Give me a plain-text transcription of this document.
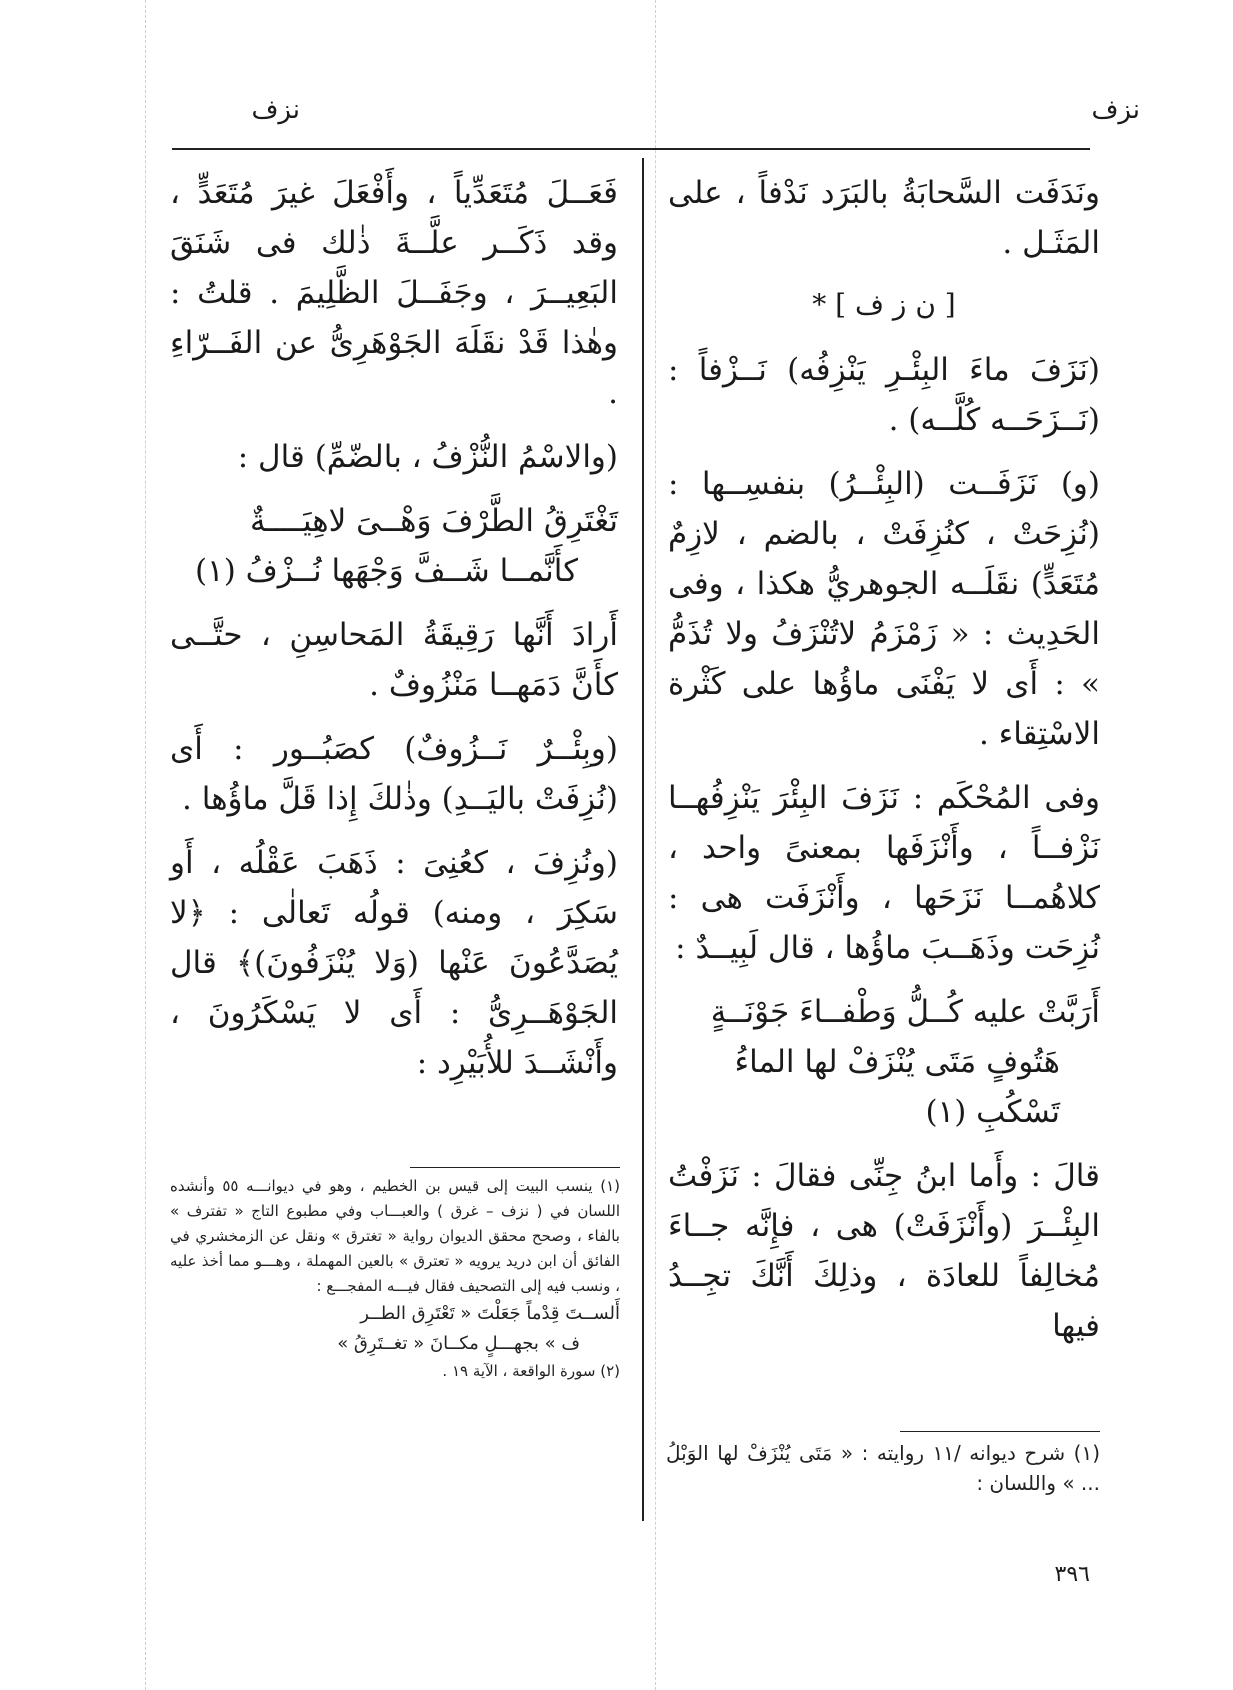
نزف
نزف

ونَدَفَت السَّحابَةُ بالبَرَد نَدْفاً ، على المَثَـل .

[ ن ز ف ] *

(نَزَفَ ماءَ البِئْـرِ يَنْزِفُه) نَــزْفاً : (نَــزَحَــه كُلَّــه) .

(و) نَزَفَــت (البِئْــرُ) بنفسِــها : (نُزِحَتْ ، كنُزِفَتْ ، بالضم ، لازِمٌ مُتَعَدٍّ) نقَلَــه الجوهريُّ هكذا ، وفى الحَدِيث : « زَمْزَمُ لاتُنْزَفُ ولا تُذَمُّ » : أَى لا يَفْنَى ماؤُها على كَثْرة الاسْتِقاء .

وفى المُحْكَم : نَزَفَ البِئْرَ يَنْزِفُهــا نَزْفــاً ، وأَنْزَفَها بمعنىً واحد ، كلاهُمــا نَزَحَها ، وأَنْزَفَت هى : نُزِحَت وذَهَــبَ ماؤُها ، قال لَبِيــدٌ :

أَرَبَّتْ عليه كُــلُّ وَطْفــاءَ جَوْنَــةٍ

هَتُوفٍ مَتَى يُنْزَفْ لها الماءُ تَسْكُبِ (١)

قالَ : وأَما ابنُ جِنِّى فقالَ : نَزَفْتُ البِئْــرَ (وأَنْزَفَتْ) هى ، فإِنَّه جــاءَ مُخالِفاً للعادَة ، وذلِكَ أَنَّكَ تجِــدُ فيها

(١) شرح ديوانه /١١ روايته : « مَتَى يُنْزَفْ لها الوَبْلُ ... » واللسان :

فَعَــلَ مُتَعَدِّياً ، وأَفْعَلَ غيرَ مُتَعَدٍّ ، وقد ذَكَــر علَّــةَ ذٰلك فى شَنَقَ البَعِيــرَ ، وجَفَــلَ الظَّلِيمَ . قلتُ : وهٰذا قَدْ نقَلَهَ الجَوْهَرِىُّ عن الفَــرّاءِ .

(والاسْمُ النُّزْفُ ، بالضّمِّ) قال :

تَغْتَرِقُ الطَّرْفَ وَهْــىَ لاهِيَــــةٌ

كأَنَّمــا شَــفَّ وَجْهَها نُــزْفُ (١)

أَرادَ أَنَّها رَقِيقَةُ المَحاسِنِ ، حتَّــى كأَنَّ دَمَهــا مَنْزُوفٌ .

(وبِئْــرٌ نَــزُوفٌ) كصَبُــور : أَى (نُزِفَتْ باليَــدِ) وذٰلكَ إِذا قَلَّ ماؤُها .

(ونُزِفَ ، كعُنِىَ : ذَهَبَ عَقْلُه ، أَو سَكِرَ ، ومنه) قولُه تَعالٰى : ﴿لا يُصَدَّعُونَ عَنْها (وَلا يُنْزَفُونَ)﴾ قال الجَوْهَــرِىُّ : أَى لا يَسْكَرُونَ ، وأَنْشَــدَ للأُبَيْرِد :

(١) ينسب البيت إلى قيس بن الخطيم ، وهو في ديوانـــه ٥٥ وأنشده اللسان في ( نزف – غرق ) والعبـــاب وفي مطبوع التاج « تفترف » بالفاء ، وصحح محقق الديوان رواية « تغترق » ونقل عن الزمخشري في الفائق أن ابن دريد يرويه « تعترق » بالعين المهملة ، وهـــو مما أخذ عليه ، ونسب فيه إلى التصحيف فقال فيـــه المفجـــع :
أَلســتَ قِدْماً جَعَلْتَ « تَعْتَرِق الطــر
ف » بجهـــلٍ مكــانَ « تغــتَرِقُ »
(٢) سورة الواقعة ، الآية ١٩ .
٣٩٦
